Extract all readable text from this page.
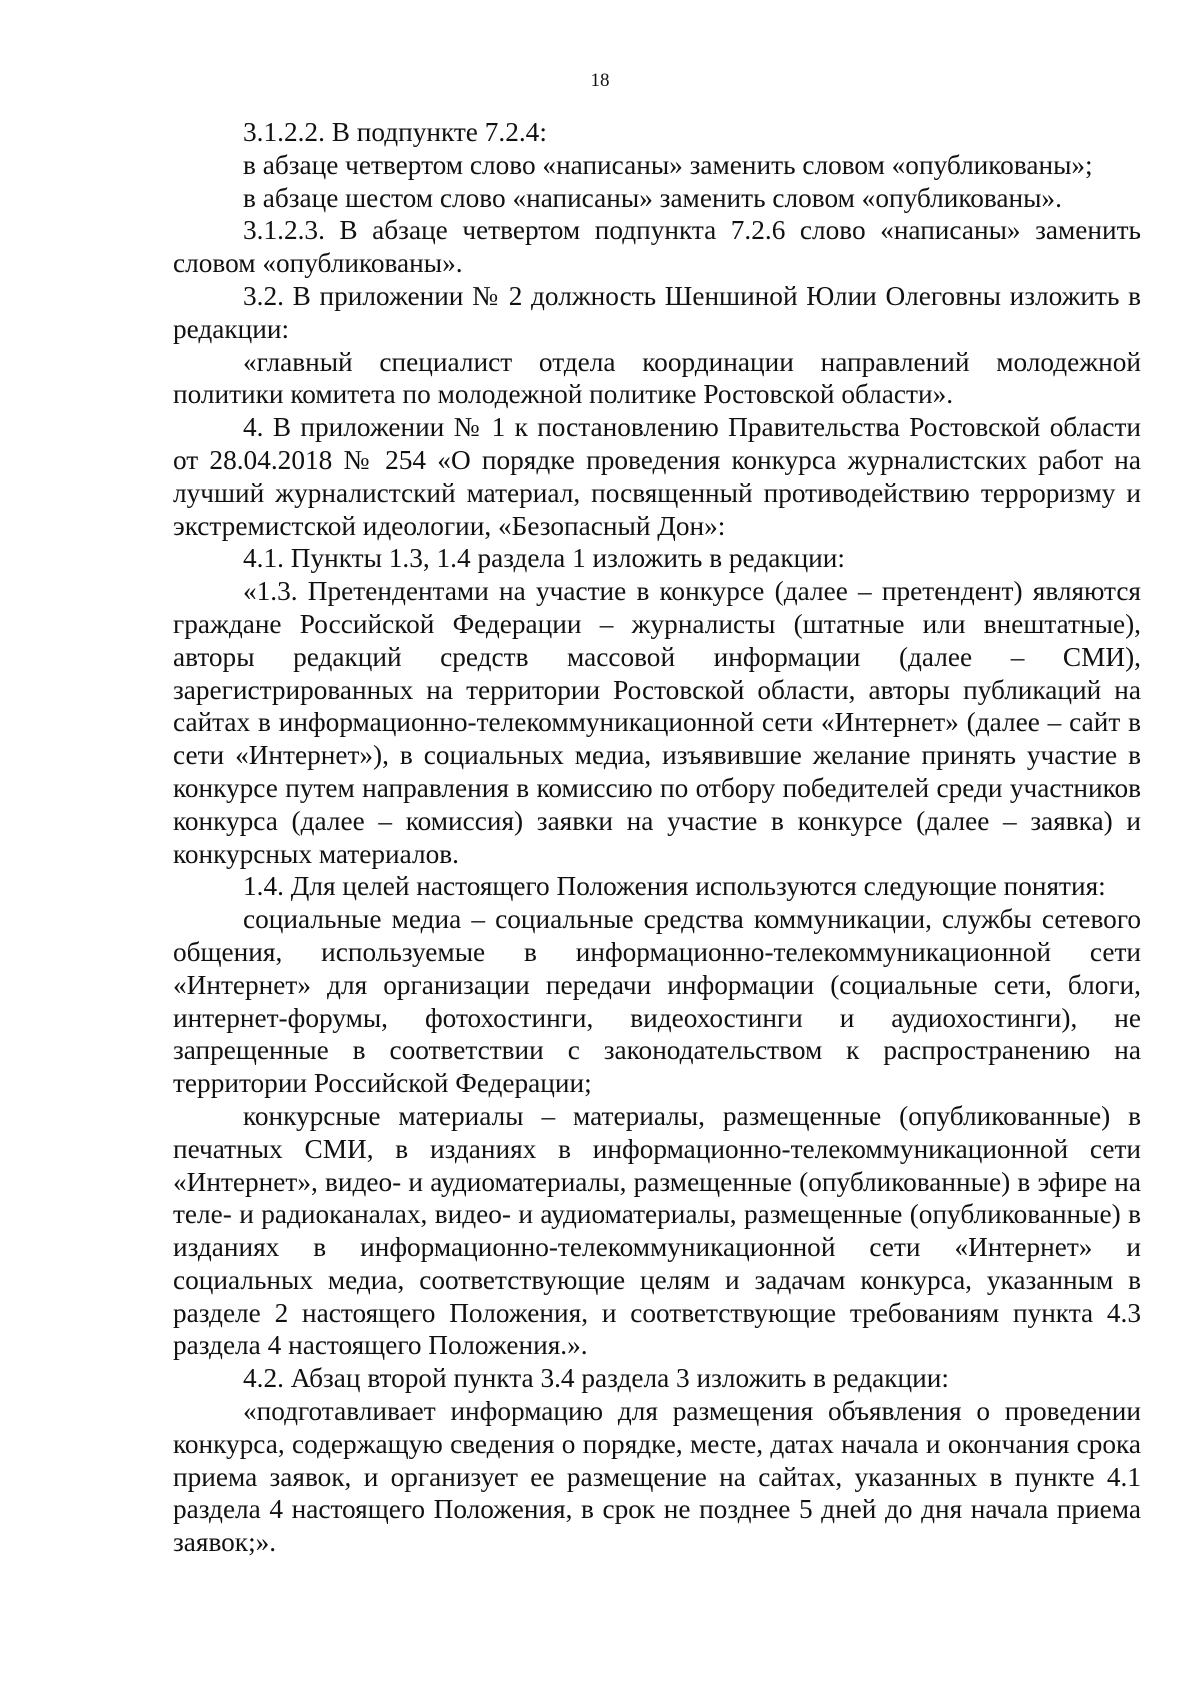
18

3.1.2.2. В подпункте 7.2.4:

в абзаце четвертом слово «написаны» заменить словом «опубликованы»;

в абзаце шестом слово «написаны» заменить словом «опубликованы».

3.1.2.3. В абзаце четвертом подпункта 7.2.6 слово «написаны» заменить словом «опубликованы».

3.2. В приложении № 2 должность Шеншиной Юлии Олеговны изложить в редакции:

«главный специалист отдела координации направлений молодежной политики комитета по молодежной политике Ростовской области».

4. В приложении № 1 к постановлению Правительства Ростовской области от 28.04.2018 № 254 «О порядке проведения конкурса журналистских работ на лучший журналистский материал, посвященный противодействию терроризму и экстремистской идеологии, «Безопасный Дон»:

4.1. Пункты 1.3, 1.4 раздела 1 изложить в редакции:

«1.3. Претендентами на участие в конкурсе (далее – претендент) являются граждане Российской Федерации – журналисты (штатные или внештатные), авторы редакций средств массовой информации (далее – СМИ), зарегистрированных на территории Ростовской области, авторы публикаций на сайтах в информационно-телекоммуникационной сети «Интернет» (далее – сайт в сети «Интернет»), в социальных медиа, изъявившие желание принять участие в конкурсе путем направления в комиссию по отбору победителей среди участников конкурса (далее – комиссия) заявки на участие в конкурсе (далее – заявка) и конкурсных материалов.

1.4. Для целей настоящего Положения используются следующие понятия:

социальные медиа – социальные средства коммуникации, службы сетевого общения, используемые в информационно-телекоммуникационной сети «Интернет» для организации передачи информации (социальные сети, блоги, интернет-форумы, фотохостинги, видеохостинги и аудиохостинги), не запрещенные в соответствии с законодательством к распространению на территории Российской Федерации;

конкурсные материалы – материалы, размещенные (опубликованные) в печатных СМИ, в изданиях в информационно-телекоммуникационной сети «Интернет», видео- и аудиоматериалы, размещенные (опубликованные) в эфире на теле- и радиоканалах, видео- и аудиоматериалы, размещенные (опубликованные) в изданиях в информационно-телекоммуникационной сети «Интернет» и социальных медиа, соответствующие целям и задачам конкурса, указанным в разделе 2 настоящего Положения, и соответствующие требованиям пункта 4.3 раздела 4 настоящего Положения.».

4.2. Абзац второй пункта 3.4 раздела 3 изложить в редакции:

«подготавливает информацию для размещения объявления о проведении конкурса, содержащую сведения о порядке, месте, датах начала и окончания срока приема заявок, и организует ее размещение на сайтах, указанных в пункте 4.1 раздела 4 настоящего Положения, в срок не позднее 5 дней до дня начала приема заявок;».
